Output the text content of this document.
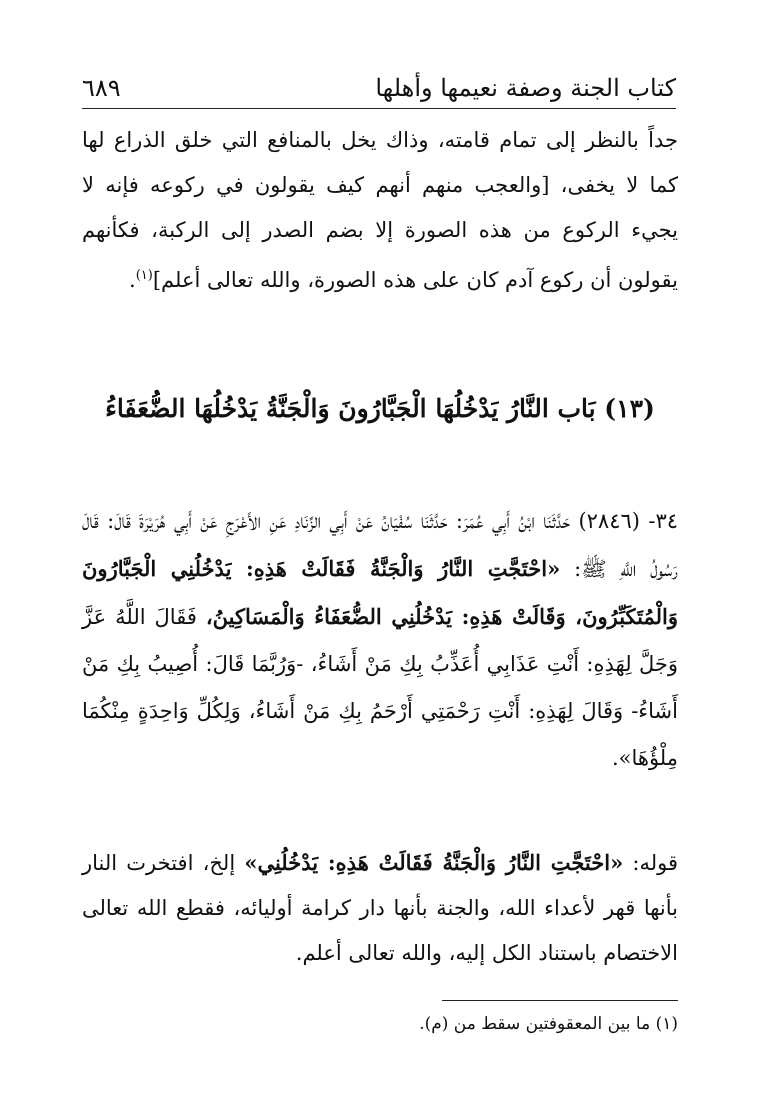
كتاب الجنة وصفة نعيمها وأهلها
٦٨٩
جداً بالنظر إلى تمام قامته، وذاك يخل بالمنافع التي خلق الذراع لها كما لا يخفى، [والعجب منهم أنهم كيف يقولون في ركوعه فإنه لا يجيء الركوع من هذه الصورة إلا بضم الصدر إلى الركبة، فكأنهم يقولون أن ركوع آدم كان على هذه الصورة، والله تعالى أعلم]$^{(١)}$.
(١٣) بَاب النَّارُ يَدْخُلُهَا الْجَبَّارُونَ وَالْجَنَّةُ يَدْخُلُهَا الضُّعَفَاءُ
٣٤- (٢٨٤٦) حَدَّثَنَا ابْنُ أَبِي عُمَرَ: حَدَّثَنَا سُفْيَانُ عَنْ أَبِي الزِّنَادِ عَنِ الأَعْرَجِ عَنْ أَبِي هُرَيْرَةَ قَالَ: قَالَ رَسُولُ اللَّهِ ﷺ: «احْتَجَّتِ النَّارُ وَالْجَنَّةُ فَقَالَتْ هَذِهِ: يَدْخُلُنِي الْجَبَّارُونَ وَالْمُتَكَبِّرُونَ، وَقَالَتْ هَذِهِ: يَدْخُلُنِي الضُّعَفَاءُ وَالْمَسَاكِينُ، فَقَالَ اللَّهُ عَزَّ وَجَلَّ لِهَذِهِ: أَنْتِ عَذَابِي أُعَذِّبُ بِكِ مَنْ أَشَاءُ، -وَرُبَّمَا قَالَ: أُصِيبُ بِكِ مَنْ أَشَاءُ- وَقَالَ لِهَذِهِ: أَنْتِ رَحْمَتِي أَرْحَمُ بِكِ مَنْ أَشَاءُ، وَلِكُلِّ وَاحِدَةٍ مِنْكُمَا مِلْؤُهَا».
قوله: «احْتَجَّتِ النَّارُ وَالْجَنَّةُ فَقَالَتْ هَذِهِ: يَدْخُلُنِي» إلخ، افتخرت النار بأنها قهر لأعداء الله، والجنة بأنها دار كرامة أوليائه، فقطع الله تعالى الاختصام باستناد الكل إليه، والله تعالى أعلم.
(١) ما بين المعقوفتين سقط من (م).
